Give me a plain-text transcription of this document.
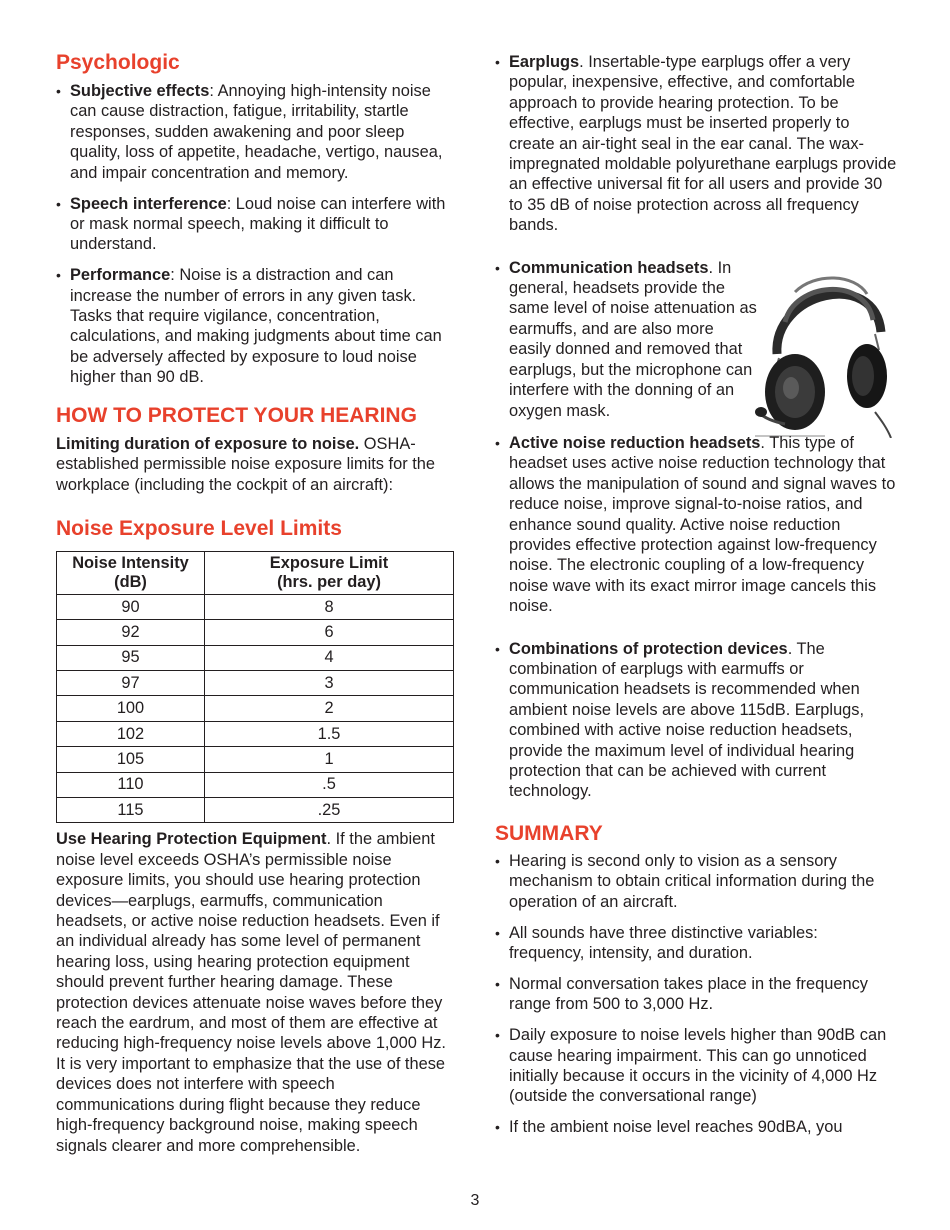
Psychologic
• Subjective effects: Annoying high-intensity noise can cause distraction, fatigue, irritability, startle responses, sudden awakening and poor sleep quality, loss of appetite, headache, vertigo, nausea, and impair concentration and memory.
• Speech interference: Loud noise can interfere with or mask normal speech, making it difficult to understand.
• Performance: Noise is a distraction and can increase the number of errors in any given task. Tasks that require vigilance, concentration, calculations, and making judgments about time can be adversely affected by exposure to loud noise higher than 90 dB.
HOW TO PROTECT YOUR HEARING

Limiting duration of exposure to noise. OSHA-established permissible noise exposure limits for the workplace (including the cockpit of an aircraft):

Noise Exposure Level Limits
Noise Intensity
(dB)	Exposure Limit
(hrs. per day)
90	8
92	6
95	4
97	3
100	2
102	1.5
105	1
110	.5
115	.25

Use Hearing Protection Equipment. If the ambient noise level exceeds OSHA’s permissible noise exposure limits, you should use hearing protection devices—earplugs, earmuffs, communication headsets, or active noise reduction headsets. Even if an individual already has some level of permanent hearing loss, using hearing protection equipment should prevent further hearing damage. These protection devices attenuate noise waves before they reach the eardrum, and most of them are effective at reducing high-frequency noise levels above 1,000 Hz. It is very important to emphasize that the use of these devices does not interfere with speech communications during flight because they reduce high-frequency background noise, making speech signals clearer and more comprehensible.

• Earplugs. Insertable-type earplugs offer a very popular, inexpensive, effective, and comfortable approach to provide hearing protection. To be effective, earplugs must be inserted properly to create an air-tight seal in the ear canal. The wax-impregnated moldable polyurethane earplugs provide an effective universal fit for all users and provide 30 to 35 dB of noise protection across all frequency bands.
• Communication headsets. In general, headsets provide the same level of noise attenuation as earmuffs, and are also more easily donned and removed that earplugs, but the microphone can interfere with the donning of an oxygen mask.
• Active noise reduction headsets. This type of headset uses active noise reduction technology that allows the manipulation of sound and signal waves to reduce noise, improve signal-to-noise ratios, and enhance sound quality. Active noise reduction provides effective protection against low-frequency noise. The electronic coupling of a low-frequency noise wave with its exact mirror image cancels this noise.
• Combinations of protection devices. The combination of earplugs with earmuffs or communication headsets is recommended when ambient noise levels are above 115dB. Earplugs, combined with active noise reduction headsets, provide the maximum level of individual hearing protection that can be achieved with current technology.
SUMMARY
• Hearing is second only to vision as a sensory mechanism to obtain critical information during the operation of an aircraft.
• All sounds have three distinctive variables: frequency, intensity, and duration.
• Normal conversation takes place in the frequency range from 500 to 3,000 Hz.
• Daily exposure to noise levels higher than 90dB can cause hearing impairment. This can go unnoticed initially because it occurs in the vicinity of 4,000 Hz (outside the conversational range)
• If the ambient noise level reaches 90dBA, you
3
